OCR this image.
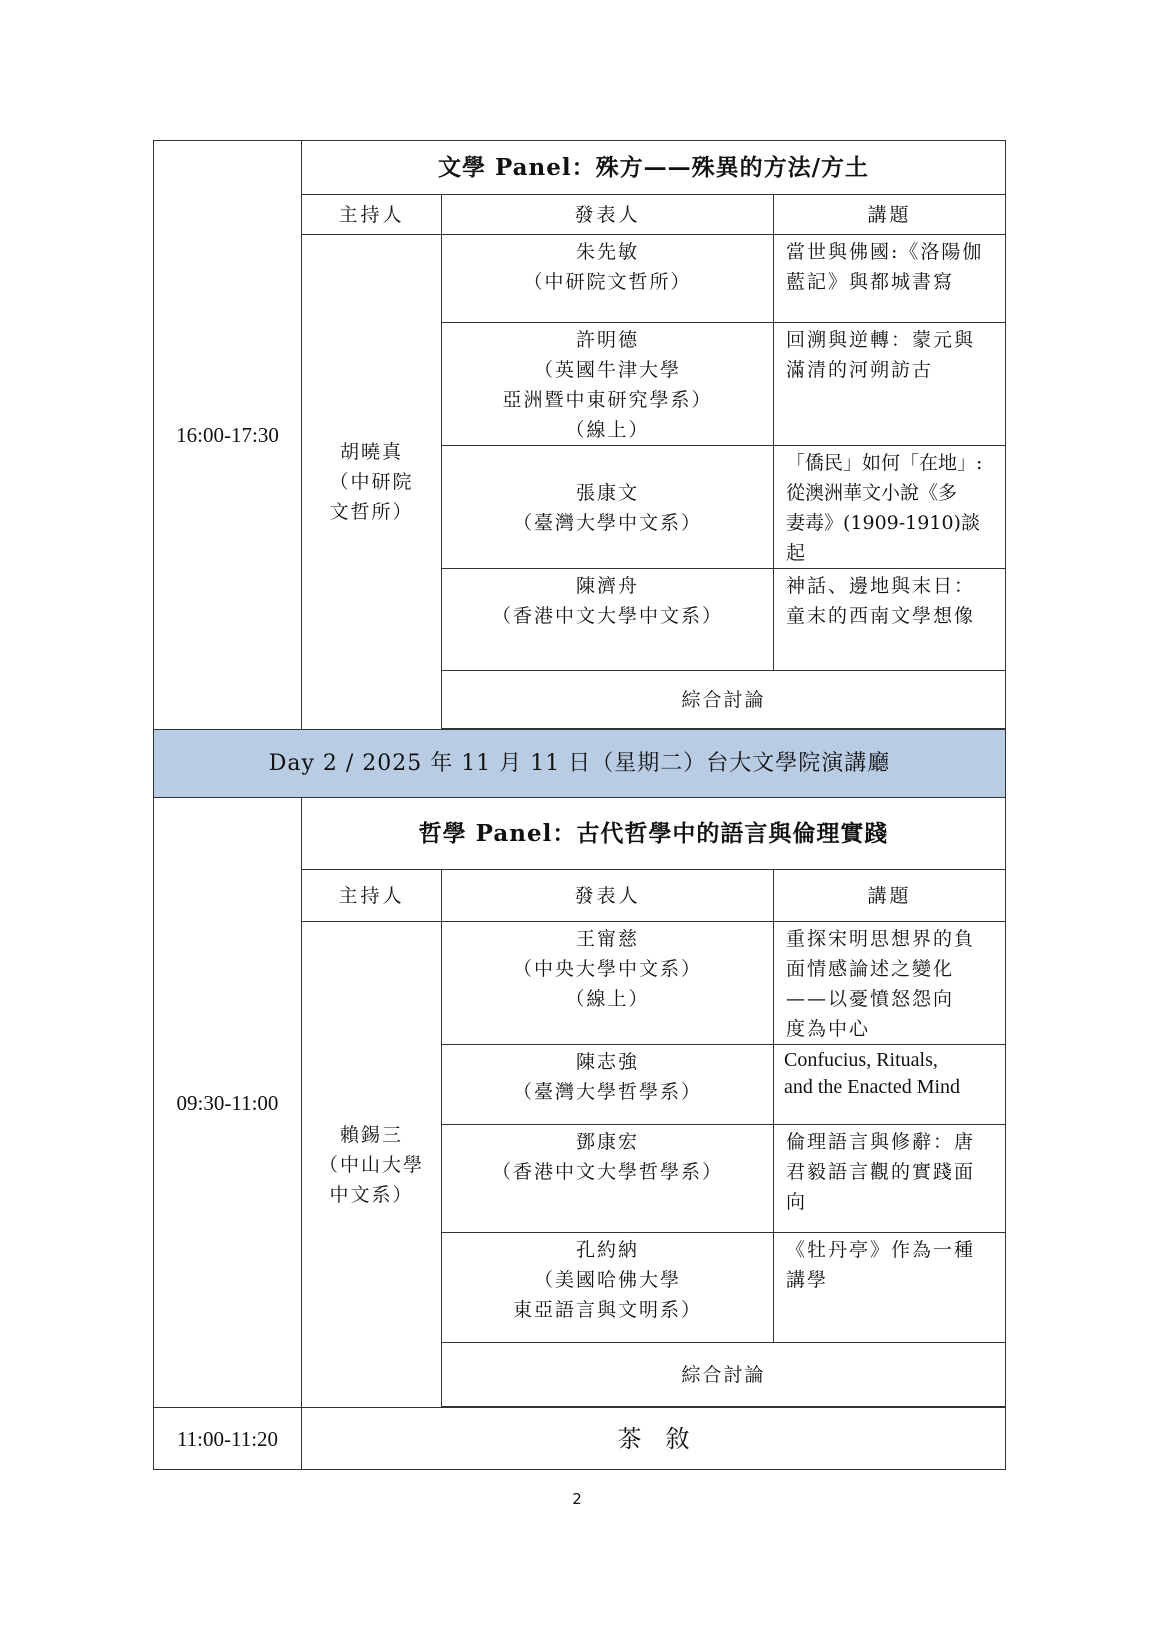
16:00-17:30	文學 Panel：殊方——殊異的方法/方土		
	主持人	發表人	講題

	胡曉真
（中研院
文哲所）	朱先敏
（中研院文哲所）	當世與佛國:《洛陽伽
藍記》與都城書寫

		許明德
（英國牛津大學
亞洲暨中東研究學系）
（線上）	回溯與逆轉：蒙元與
滿清的河朔訪古

		張康文
（臺灣大學中文系）	「僑民」如何「在地」:
從澳洲華文小說《多
妻毒》(1909-1910)談
起

		陳濟舟
（香港中文大學中文系）	神話、邊地與末日：
童末的西南文學想像

		綜合討論	

Day 2 / 2025 年 11 月 11 日（星期二）台大文學院演講廳			
09:30-11:00	哲學 Panel：古代哲學中的語言與倫理實踐		
	主持人	發表人	講題

	賴錫三
（中山大學
中文系）	王甯慈
（中央大學中文系）
（線上）	重探宋明思想界的負
面情感論述之變化
——以憂憤怒怨向
度為中心

		陳志強
（臺灣大學哲學系）	Confucius, Rituals,
and the Enacted Mind

		鄧康宏
（香港中文大學哲學系）	倫理語言與修辭：唐
君毅語言觀的實踐面
向

		孔約納
（美國哈佛大學
東亞語言與文明系）	《牡丹亭》作為一種
講學

		綜合討論	

11:00-11:20	茶　敘		
2
